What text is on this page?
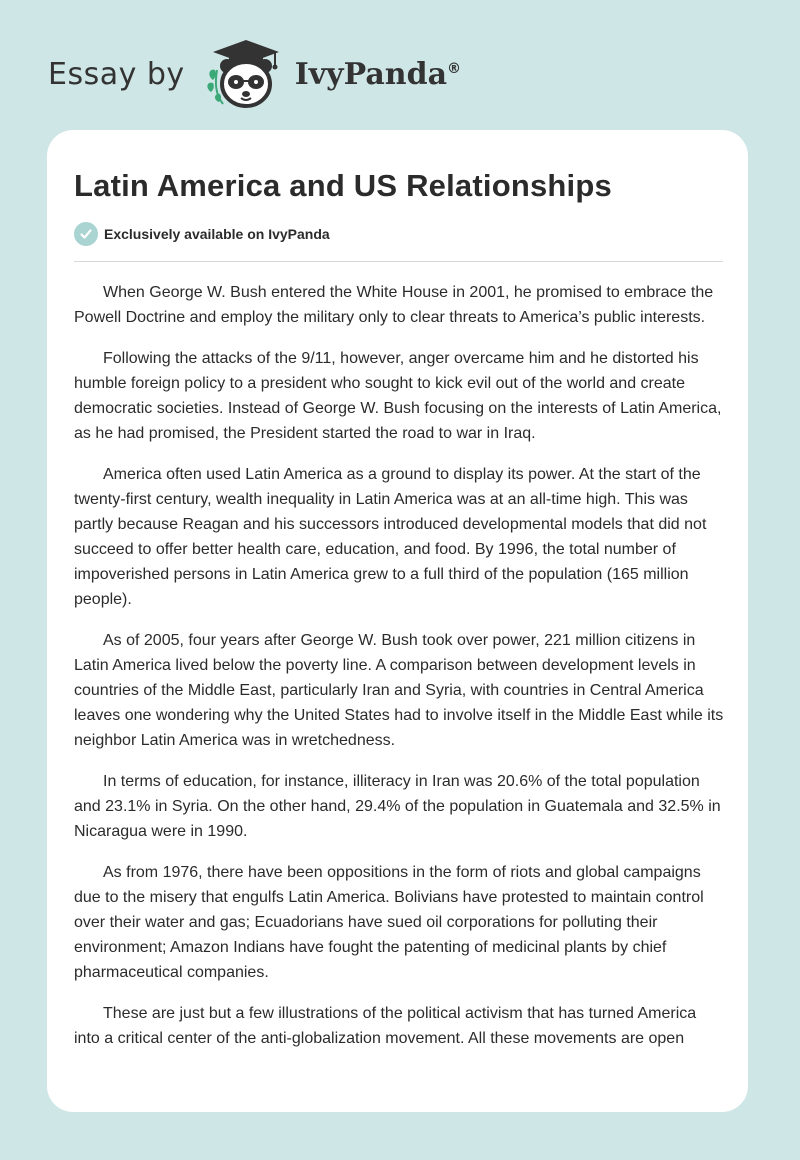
Essay by	IvyPanda®
Latin America and US Relationships
Exclusively available on IvyPanda

When George W. Bush entered the White House in 2001, he promised to embrace the Powell Doctrine and employ the military only to clear threats to America’s public interests.

Following the attacks of the 9/11, however, anger overcame him and he distorted his humble foreign policy to a president who sought to kick evil out of the world and create democratic societies. Instead of George W. Bush focusing on the interests of Latin America, as he had promised, the President started the road to war in Iraq.

America often used Latin America as a ground to display its power. At the start of the twenty-first century, wealth inequality in Latin America was at an all-time high. This was partly because Reagan and his successors introduced developmental models that did not succeed to offer better health care, education, and food. By 1996, the total number of impoverished persons in Latin America grew to a full third of the population (165 million people).

As of 2005, four years after George W. Bush took over power, 221 million citizens in Latin America lived below the poverty line. A comparison between development levels in countries of the Middle East, particularly Iran and Syria, with countries in Central America leaves one wondering why the United States had to involve itself in the Middle East while its neighbor Latin America was in wretchedness.

In terms of education, for instance, illiteracy in Iran was 20.6% of the total population and 23.1% in Syria. On the other hand, 29.4% of the population in Guatemala and 32.5% in Nicaragua were in 1990.

As from 1976, there have been oppositions in the form of riots and global campaigns due to the misery that engulfs Latin America. Bolivians have protested to maintain control over their water and gas; Ecuadorians have sued oil corporations for polluting their environment; Amazon Indians have fought the patenting of medicinal plants by chief pharmaceutical companies.

These are just but a few illustrations of the political activism that has turned America into a critical center of the anti-globalization movement. All these movements are open
